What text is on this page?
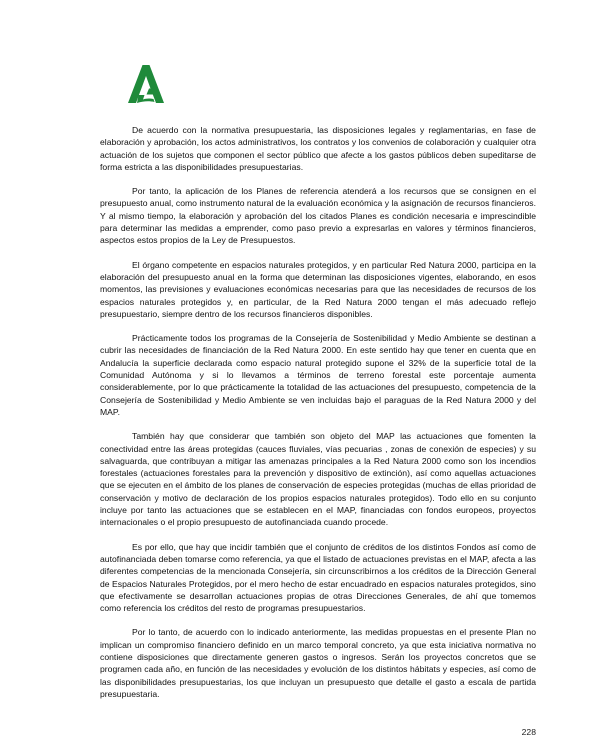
De acuerdo con la normativa presupuestaria, las disposiciones legales y reglamentarias, en fase de elaboración y aprobación, los actos administrativos, los contratos y los convenios de colaboración y cualquier otra actuación de los sujetos que componen el sector público que afecte a los gastos públicos deben supeditarse de forma estricta a las disponibilidades presupuestarias.

Por tanto, la aplicación de los Planes de referencia atenderá a los recursos que se consignen en el presupuesto anual, como instrumento natural de la evaluación económica y la asignación de recursos financieros. Y al mismo tiempo, la elaboración y aprobación del los citados Planes es condición necesaria e imprescindible para determinar las medidas a emprender, como paso previo a expresarlas en valores y términos financieros, aspectos estos propios de la Ley de Presupuestos.

El órgano competente en espacios naturales protegidos, y en particular Red Natura 2000, participa en la elaboración del presupuesto anual en la forma que determinan las disposiciones vigentes, elaborando, en esos momentos, las previsiones y evaluaciones económicas necesarias para que las necesidades de recursos de los espacios naturales protegidos y, en particular, de la Red Natura 2000 tengan el más adecuado reflejo presupuestario, siempre dentro de los recursos financieros disponibles.

Prácticamente todos los programas de la Consejería de Sostenibilidad y Medio Ambiente se destinan a cubrir las necesidades de financiación de la Red Natura 2000. En este sentido hay que tener en cuenta que en Andalucía la superficie declarada como espacio natural protegido supone el 32% de la superficie total de la Comunidad Autónoma y si lo llevamos a términos de terreno forestal este porcentaje aumenta considerablemente, por lo que prácticamente la totalidad de las actuaciones del presupuesto, competencia de la Consejería de Sostenibilidad y Medio Ambiente se ven incluidas bajo el paraguas de la Red Natura 2000 y del MAP.

También hay que considerar que también son objeto del MAP las actuaciones que fomenten la conectividad entre las áreas protegidas (cauces fluviales, vías pecuarias , zonas de conexión de especies) y su salvaguarda, que contribuyan a mitigar las amenazas principales a la Red Natura 2000 como son los incendios forestales (actuaciones forestales para la prevención y dispositivo de extinción), así como aquellas actuaciones que se ejecuten en el ámbito de los planes de conservación de especies protegidas (muchas de ellas prioridad de conservación y motivo de declaración de los propios espacios naturales protegidos). Todo ello en su conjunto incluye por tanto las actuaciones que se establecen en el MAP, financiadas con fondos europeos, proyectos internacionales o el propio presupuesto de autofinanciada cuando procede.

Es por ello, que hay que incidir también que el conjunto de créditos de los distintos Fondos así como de autofinanciada deben tomarse como referencia, ya que el listado de actuaciones previstas en el MAP, afecta a las diferentes competencias de la mencionada Consejería, sin circunscribirnos a los créditos de la Dirección General de Espacios Naturales Protegidos, por el mero hecho de estar encuadrado en espacios naturales protegidos, sino que efectivamente se desarrollan actuaciones propias de otras Direcciones Generales, de ahí que tomemos como referencia los créditos del resto de programas presupuestarios.

Por lo tanto, de acuerdo con lo indicado anteriormente, las medidas propuestas en el presente Plan no implican un compromiso financiero definido en un marco temporal concreto, ya que esta iniciativa normativa no contiene disposiciones que directamente generen gastos o ingresos. Serán los proyectos concretos que se programen cada año, en función de las necesidades y evolución de los distintos hábitats y especies, así como de las disponibilidades presupuestarias, los que incluyan un presupuesto que detalle el gasto a escala de partida presupuestaria.

228
